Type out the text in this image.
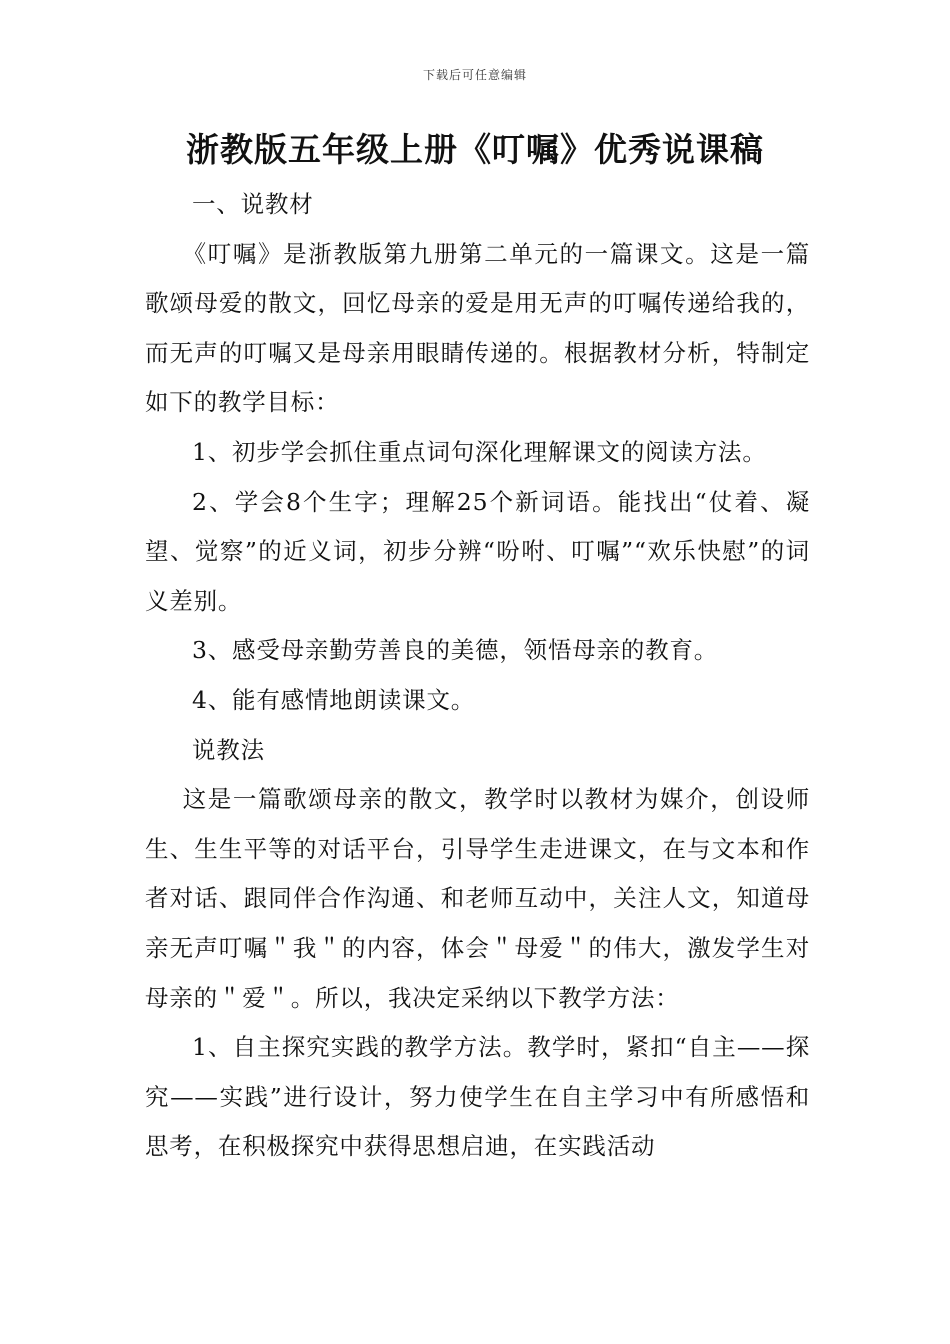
下载后可任意编辑
浙教版五年级上册《叮嘱》优秀说课稿

一、说教材

《叮嘱》是浙教版第九册第二单元的一篇课文。这是一篇歌颂母爱的散文，回忆母亲的爱是用无声的叮嘱传递给我的，而无声的叮嘱又是母亲用眼睛传递的。根据教材分析，特制定如下的教学目标：

1、初步学会抓住重点词句深化理解课文的阅读方法。

2、学会8个生字；理解25个新词语。能找出“仗着、凝望、觉察”的近义词，初步分辨“吩咐、叮嘱”“欢乐快慰”的词义差别。

3、感受母亲勤劳善良的美德，领悟母亲的教育。

4、能有感情地朗读课文。

说教法

这是一篇歌颂母亲的散文，教学时以教材为媒介，创设师生、生生平等的对话平台，引导学生走进课文，在与文本和作者对话、跟同伴合作沟通、和老师互动中，关注人文，知道母亲无声叮嘱＂我＂的内容，体会＂母爱＂的伟大，激发学生对母亲的＂爱＂。所以，我决定采纳以下教学方法：

1、自主探究实践的教学方法。教学时，紧扣“自主——探究——实践”进行设计，努力使学生在自主学习中有所感悟和思考，在积极探究中获得思想启迪，在实践活动
